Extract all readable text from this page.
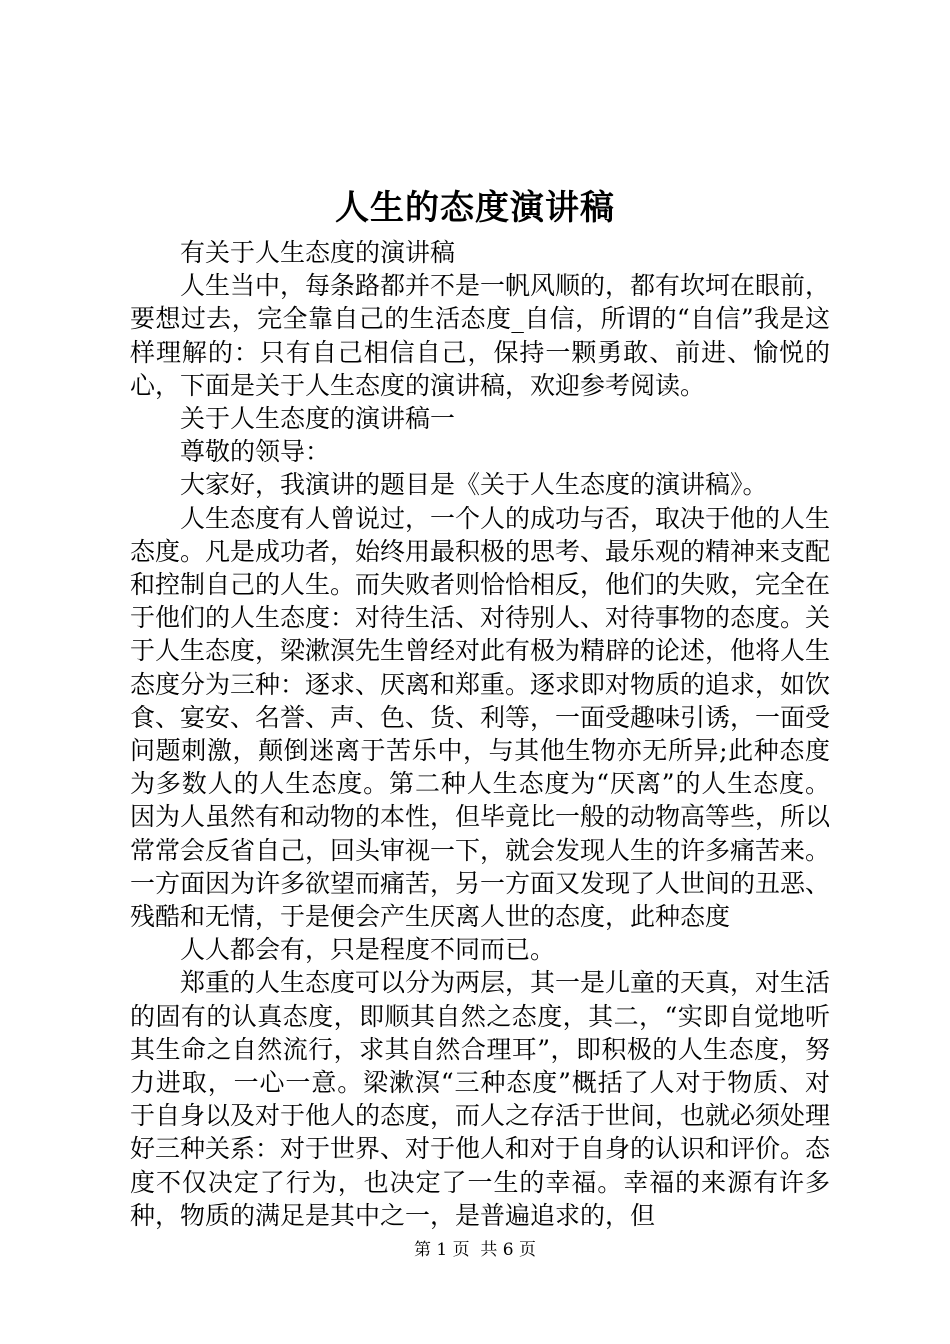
人生的态度演讲稿

有关于人生态度的演讲稿

人生当中，每条路都并不是一帆风顺的，都有坎坷在眼前，要想过去，完全靠自己的生活态度_自信，所谓的“自信”我是这样理解的：只有自己相信自己，保持一颗勇敢、前进、愉悦的心，下面是关于人生态度的演讲稿，欢迎参考阅读。

关于人生态度的演讲稿一

尊敬的领导：

大家好，我演讲的题目是《关于人生态度的演讲稿》。

人生态度有人曾说过，一个人的成功与否，取决于他的人生态度。凡是成功者，始终用最积极的思考、最乐观的精神来支配和控制自己的人生。而失败者则恰恰相反，他们的失败，完全在于他们的人生态度：对待生活、对待别人、对待事物的态度。关于人生态度，梁漱溟先生曾经对此有极为精辟的论述，他将人生态度分为三种：逐求、厌离和郑重。逐求即对物质的追求，如饮食、宴安、名誉、声、色、货、利等，一面受趣味引诱，一面受问题刺激，颠倒迷离于苦乐中，与其他生物亦无所异;此种态度为多数人的人生态度。第二种人生态度为“厌离”的人生态度。因为人虽然有和动物的本性，但毕竟比一般的动物高等些，所以常常会反省自己，回头审视一下，就会发现人生的许多痛苦来。一方面因为许多欲望而痛苦，另一方面又发现了人世间的丑恶、残酷和无情，于是便会产生厌离人世的态度，此种态度

人人都会有，只是程度不同而已。

郑重的人生态度可以分为两层，其一是儿童的天真，对生活的固有的认真态度，即顺其自然之态度，其二，“实即自觉地听其生命之自然流行，求其自然合理耳”，即积极的人生态度，努力进取，一心一意。梁漱溟“三种态度”概括了人对于物质、对于自身以及对于他人的态度，而人之存活于世间，也就必须处理好三种关系：对于世界、对于他人和对于自身的认识和评价。态度不仅决定了行为，也决定了一生的幸福。幸福的来源有许多种，物质的满足是其中之一，是普遍追求的，但

第 1 页  共 6 页
